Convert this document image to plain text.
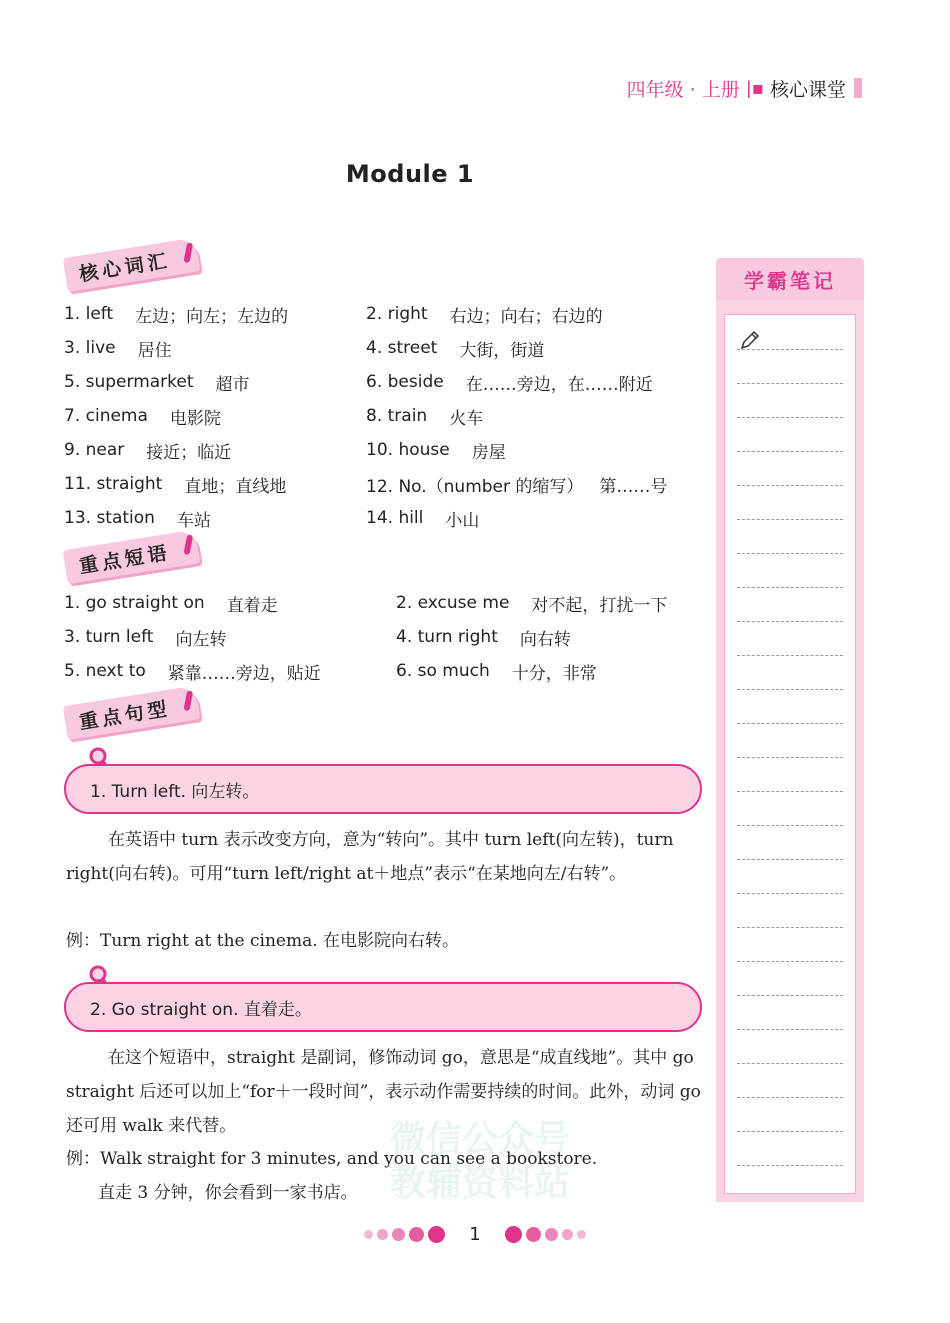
四年级 · 上册 |▪ 核心课堂
Module 1
核心词汇
1. left 左边；向左；左边的	2. right 右边；向右；右边的
3. live 居住	4. street 大街，街道
5. supermarket 超市	6. beside 在……旁边，在……附近
7. cinema 电影院	8. train 火车
9. near 接近；临近	10. house 房屋
11. straight 直地；直线地	12. No.（number 的缩写） 第……号
13. station 车站	14. hill 小山
重点短语
1. go straight on 直着走	2. excuse me 对不起，打扰一下
3. turn left 向左转	4. turn right 向右转
5. next to 紧靠……旁边，贴近	6. so much 十分，非常
重点句型
1. Turn left. 向左转。
在英语中 turn 表示改变方向，意为“转向”。其中 turn left(向左转)，turn right(向右转)。可用“turn left/right at＋地点”表示“在某地向左/右转”。
例：Turn right at the cinema. 在电影院向右转。
2. Go straight on. 直着走。
在这个短语中，straight 是副词，修饰动词 go，意思是“成直线地”。其中 go straight 后还可以加上“for＋一段时间”，表示动作需要持续的时间。此外，动词 go 还可用 walk 来代替。
例：Walk straight for 3 minutes, and you can see a bookstore.
直走 3 分钟，你会看到一家书店。
微信公众号
教辅资料站
学霸笔记
1
